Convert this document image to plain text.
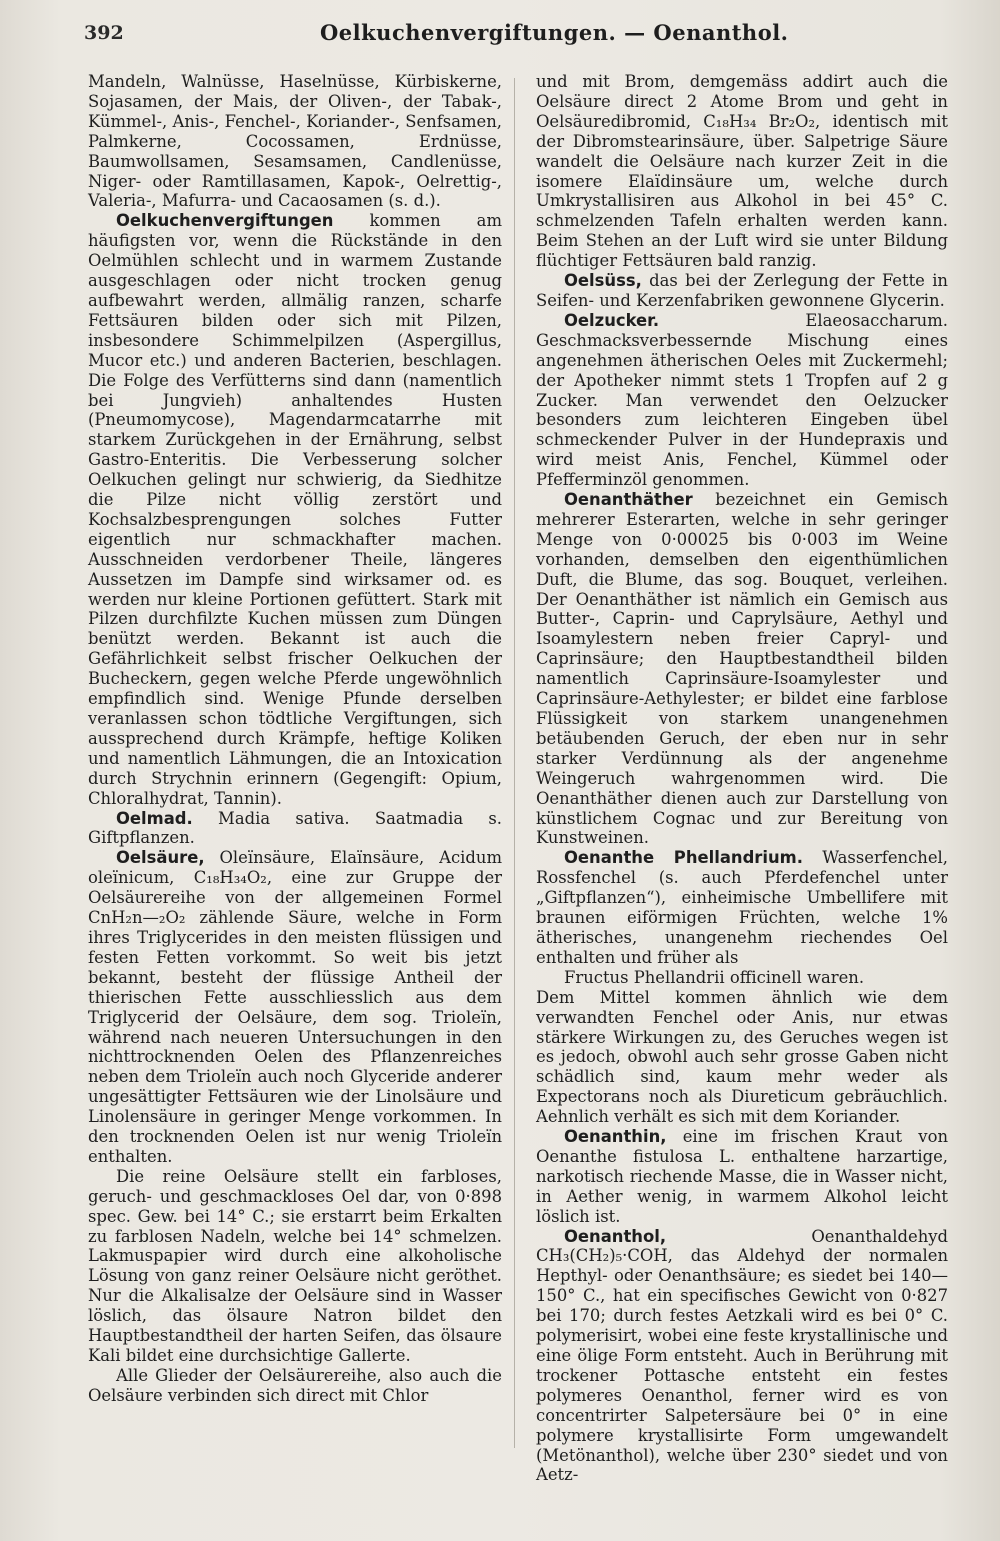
392	Oelkuchenvergiftungen. — Oenanthol.

Mandeln, Walnüsse, Haselnüsse, Kürbiskerne, Sojasamen, der Mais, der Oliven-, der Tabak-, Kümmel-, Anis-, Fenchel-, Koriander-, Senfsamen, Palmkerne, Cocossamen, Erdnüsse, Baumwollsamen, Sesamsamen, Candlenüsse, Niger- oder Ramtillasamen, Kapok-, Oelrettig-, Valeria-, Mafurra- und Cacaosamen (s. d.).

Oelkuchenvergiftungen kommen am häufigsten vor, wenn die Rückstände in den Oelmühlen schlecht und in warmem Zustande ausgeschlagen oder nicht trocken genug aufbewahrt werden, allmälig ranzen, scharfe Fettsäuren bilden oder sich mit Pilzen, insbesondere Schimmelpilzen (Aspergillus, Mucor etc.) und anderen Bacterien, beschlagen. Die Folge des Verfütterns sind dann (namentlich bei Jungvieh) anhaltendes Husten (Pneumomycose), Magendarmcatarrhe mit starkem Zurückgehen in der Ernährung, selbst Gastro-Enteritis. Die Verbesserung solcher Oelkuchen gelingt nur schwierig, da Siedhitze die Pilze nicht völlig zerstört und Kochsalzbesprengungen solches Futter eigentlich nur schmackhafter machen. Ausschneiden verdorbener Theile, längeres Aussetzen im Dampfe sind wirksamer od. es werden nur kleine Portionen gefüttert. Stark mit Pilzen durchfilzte Kuchen müssen zum Düngen benützt werden. Bekannt ist auch die Gefährlichkeit selbst frischer Oelkuchen der Bucheckern, gegen welche Pferde ungewöhnlich empfindlich sind. Wenige Pfunde derselben veranlassen schon tödtliche Vergiftungen, sich aussprechend durch Krämpfe, heftige Koliken und namentlich Lähmungen, die an Intoxication durch Strychnin erinnern (Gegengift: Opium, Chloralhydrat, Tannin).

Oelmad. Madia sativa. Saatmadia s. Giftpflanzen.

Oelsäure, Oleïnsäure, Elaïnsäure, Acidum oleïnicum, C₁₈H₃₄O₂, eine zur Gruppe der Oelsäurereihe von der allgemeinen Formel CnH₂n—₂O₂ zählende Säure, welche in Form ihres Triglycerides in den meisten flüssigen und festen Fetten vorkommt. So weit bis jetzt bekannt, besteht der flüssige Antheil der thierischen Fette ausschliesslich aus dem Triglycerid der Oelsäure, dem sog. Trioleïn, während nach neueren Untersuchungen in den nichttrocknenden Oelen des Pflanzenreiches neben dem Trioleïn auch noch Glyceride anderer ungesättigter Fettsäuren wie der Linolsäure und Linolensäure in geringer Menge vorkommen. In den trocknenden Oelen ist nur wenig Trioleïn enthalten.

Die reine Oelsäure stellt ein farbloses, geruch- und geschmackloses Oel dar, von 0·898 spec. Gew. bei 14° C.; sie erstarrt beim Erkalten zu farblosen Nadeln, welche bei 14° schmelzen. Lakmuspapier wird durch eine alkoholische Lösung von ganz reiner Oelsäure nicht geröthet. Nur die Alkalisalze der Oelsäure sind in Wasser löslich, das ölsaure Natron bildet den Hauptbestandtheil der harten Seifen, das ölsaure Kali bildet eine durchsichtige Gallerte.

Alle Glieder der Oelsäurereihe, also auch die Oelsäure verbinden sich direct mit Chlor

und mit Brom, demgemäss addirt auch die Oelsäure direct 2 Atome Brom und geht in Oelsäuredibromid, C₁₈H₃₄ Br₂O₂, identisch mit der Dibromstearinsäure, über. Salpetrige Säure wandelt die Oelsäure nach kurzer Zeit in die isomere Elaïdinsäure um, welche durch Umkrystallisiren aus Alkohol in bei 45° C. schmelzenden Tafeln erhalten werden kann. Beim Stehen an der Luft wird sie unter Bildung flüchtiger Fettsäuren bald ranzig.

Oelsüss, das bei der Zerlegung der Fette in Seifen- und Kerzenfabriken gewonnene Glycerin.

Oelzucker. Elaeosaccharum. Geschmacksverbessernde Mischung eines angenehmen ätherischen Oeles mit Zuckermehl; der Apotheker nimmt stets 1 Tropfen auf 2 g Zucker. Man verwendet den Oelzucker besonders zum leichteren Eingeben übel schmeckender Pulver in der Hundepraxis und wird meist Anis, Fenchel, Kümmel oder Pfefferminzöl genommen.

Oenanthäther bezeichnet ein Gemisch mehrerer Esterarten, welche in sehr geringer Menge von 0·00025 bis 0·003 im Weine vorhanden, demselben den eigenthümlichen Duft, die Blume, das sog. Bouquet, verleihen. Der Oenanthäther ist nämlich ein Gemisch aus Butter-, Caprin- und Caprylsäure, Aethyl und Isoamylestern neben freier Capryl- und Caprinsäure; den Hauptbestandtheil bilden namentlich Caprinsäure-Isoamylester und Caprinsäure-Aethylester; er bildet eine farblose Flüssigkeit von starkem unangenehmen betäubenden Geruch, der eben nur in sehr starker Verdünnung als der angenehme Weingeruch wahrgenommen wird. Die Oenanthäther dienen auch zur Darstellung von künstlichem Cognac und zur Bereitung von Kunstweinen.

Oenanthe Phellandrium. Wasserfenchel, Rossfenchel (s. auch Pferdefenchel unter „Giftpflanzen“), einheimische Umbellifere mit braunen eiförmigen Früchten, welche 1% ätherisches, unangenehm riechendes Oel enthalten und früher als

Fructus Phellandrii officinell waren.

Dem Mittel kommen ähnlich wie dem verwandten Fenchel oder Anis, nur etwas stärkere Wirkungen zu, des Geruches wegen ist es jedoch, obwohl auch sehr grosse Gaben nicht schädlich sind, kaum mehr weder als Expectorans noch als Diureticum gebräuchlich. Aehnlich verhält es sich mit dem Koriander.

Oenanthin, eine im frischen Kraut von Oenanthe fistulosa L. enthaltene harzartige, narkotisch riechende Masse, die in Wasser nicht, in Aether wenig, in warmem Alkohol leicht löslich ist.

Oenanthol, Oenanthaldehyd CH₃(CH₂)₅·COH, das Aldehyd der normalen Hepthyl- oder Oenanthsäure; es siedet bei 140—150° C., hat ein specifisches Gewicht von 0·827 bei 170; durch festes Aetzkali wird es bei 0° C. polymerisirt, wobei eine feste krystallinische und eine ölige Form entsteht. Auch in Berührung mit trockener Pottasche entsteht ein festes polymeres Oenanthol, ferner wird es von concentrirter Salpetersäure bei 0° in eine polymere krystallisirte Form umgewandelt (Metönanthol), welche über 230° siedet und von Aetz-
